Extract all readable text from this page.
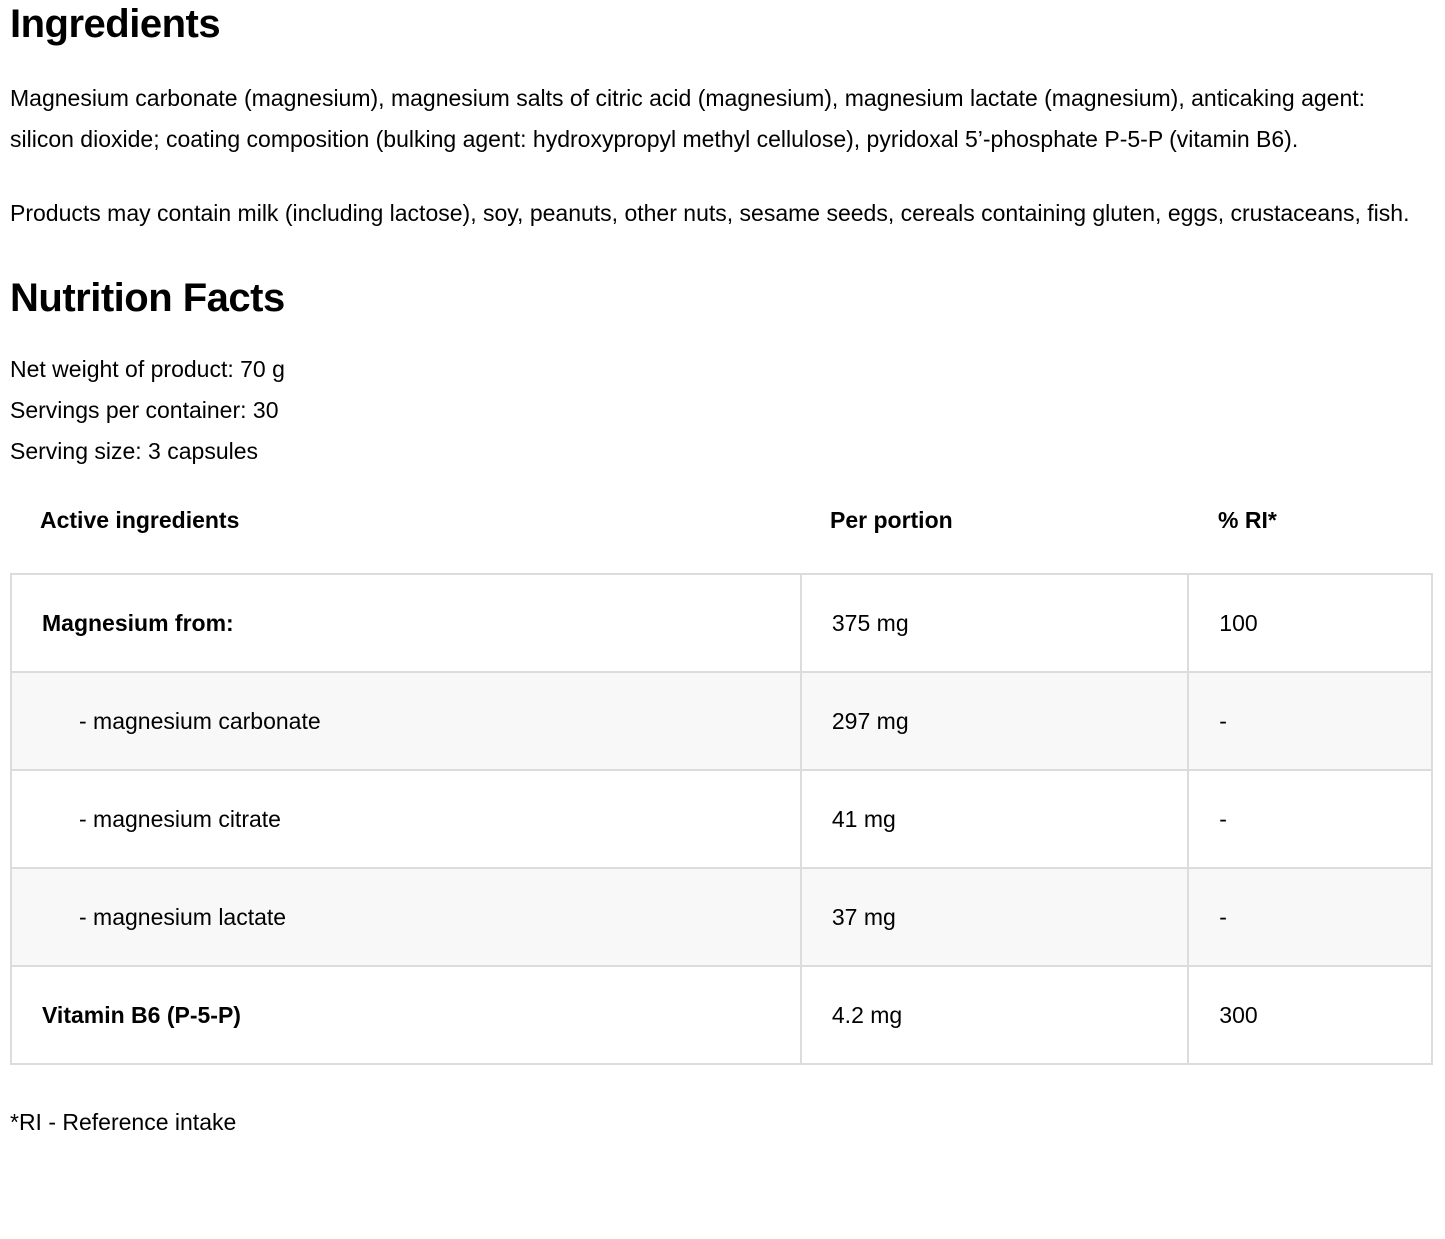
Ingredients

Magnesium carbonate (magnesium), magnesium salts of citric acid (magnesium), magnesium lactate (magnesium), anticaking agent: silicon dioxide; coating composition (bulking agent: hydroxypropyl methyl cellulose), pyridoxal 5’-phosphate P-5-P (vitamin B6).

Products may contain milk (including lactose), soy, peanuts, other nuts, sesame seeds, cereals containing gluten, eggs, crustaceans, fish.

Nutrition Facts
Net weight of product: 70 g
Servings per container: 30
Serving size: 3 capsules
Active ingredients	Per portion	% RI*
Magnesium from:	375 mg	100
- magnesium carbonate	297 mg	-
- magnesium citrate	41 mg	-
- magnesium lactate	37 mg	-
Vitamin B6 (P-5-P)	4.2 mg	300
*RI - Reference intake
